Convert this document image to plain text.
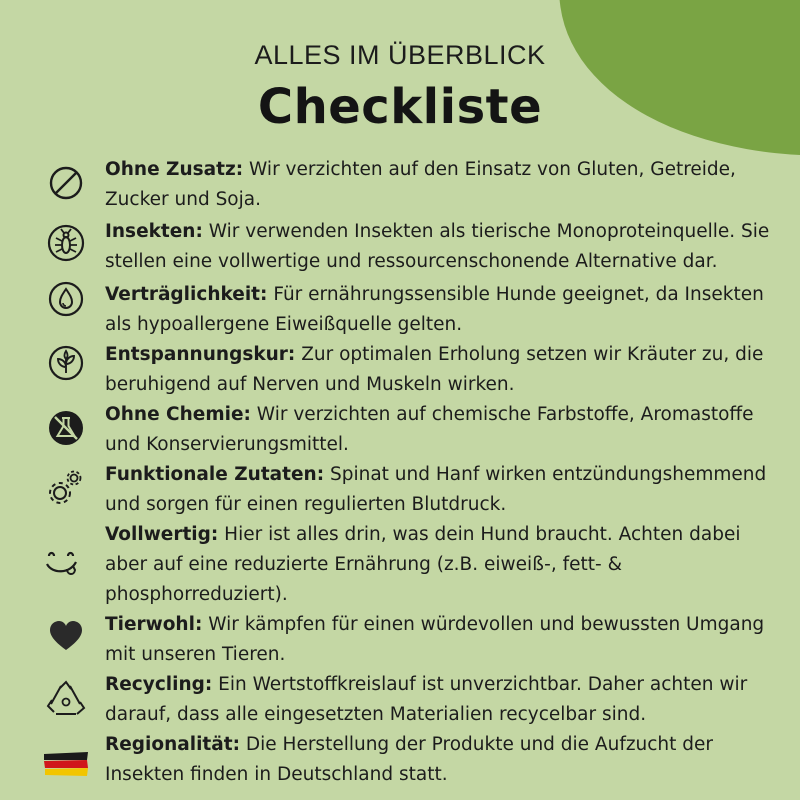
ALLES IM ÜBERBLICK
Checkliste
Ohne Zusatz: Wir verzichten auf den Einsatz von Gluten, Getreide, Zucker und Soja.
Insekten: Wir verwenden Insekten als tierische Monoproteinquelle. Sie stellen eine vollwertige und ressourcenschonende Alternative dar.
Verträglichkeit: Für ernährungssensible Hunde geeignet, da Insekten als hypoallergene Eiweißquelle gelten.
Entspannungskur: Zur optimalen Erholung setzen wir Kräuter zu, die beruhigend auf Nerven und Muskeln wirken.
Ohne Chemie: Wir verzichten auf chemische Farbstoffe, Aromastoffe und Konservierungsmittel.
Funktionale Zutaten: Spinat und Hanf wirken entzündungshemmend und sorgen für einen regulierten Blutdruck.
Vollwertig: Hier ist alles drin, was dein Hund braucht. Achten dabei aber auf eine reduzierte Ernährung (z.B. eiweiß-, fett- & phosphorreduziert).
Tierwohl: Wir kämpfen für einen würdevollen und bewussten Umgang mit unseren Tieren.
Recycling: Ein Wertstoffkreislauf ist unverzichtbar. Daher achten wir darauf, dass alle eingesetzten Materialien recycelbar sind.
Regionalität: Die Herstellung der Produkte und die Aufzucht der Insekten finden in Deutschland statt.
